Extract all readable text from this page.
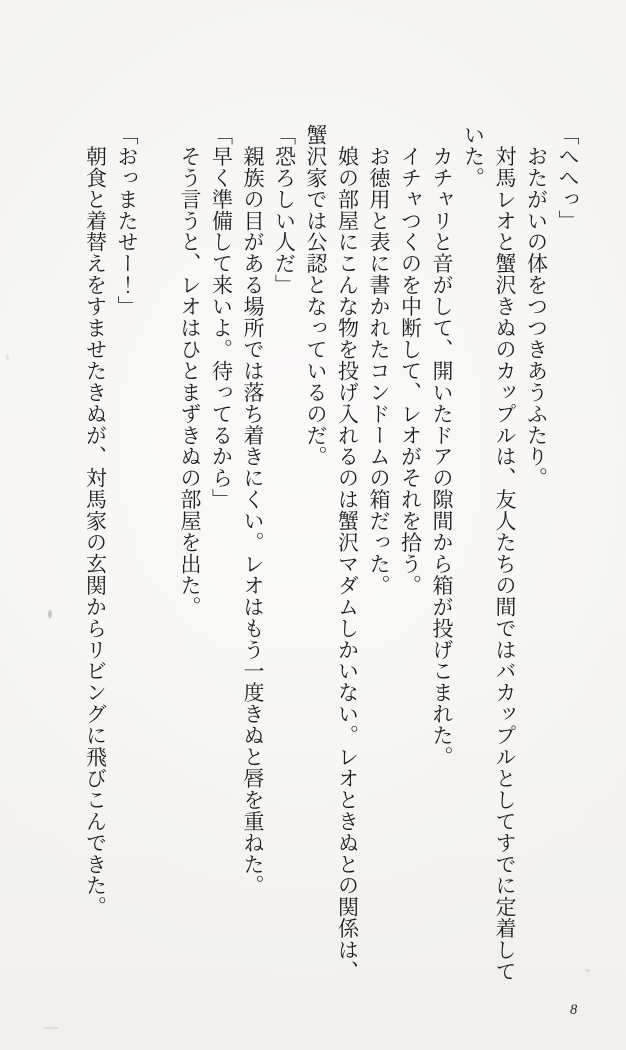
「へへっ」

　おたがいの体をつつきあうふたり。

　対馬レオと蟹沢きぬのカップルは、友人たちの間ではバカップルとしてすでに定着して

いた。

　カチャリと音がして、開いたドアの隙間から箱が投げこまれた。

　イチャつくのを中断して、レオがそれを拾う。

　お徳用と表に書かれたコンドームの箱だった。

　娘の部屋にこんな物を投げ入れるのは蟹沢マダムしかいない。レオときぬとの関係は、

蟹沢家では公認となっているのだ。

「恐ろしい人だ」

　親族の目がある場所では落ち着きにくい。レオはもう一度きぬと唇を重ねた。

「早く準備して来いよ。待ってるから」

　そう言うと、レオはひとまずきぬの部屋を出た。

「おっまたせー！」

　朝食と着替えをすませたきぬが、対馬家の玄関からリビングに飛びこんできた。

8
